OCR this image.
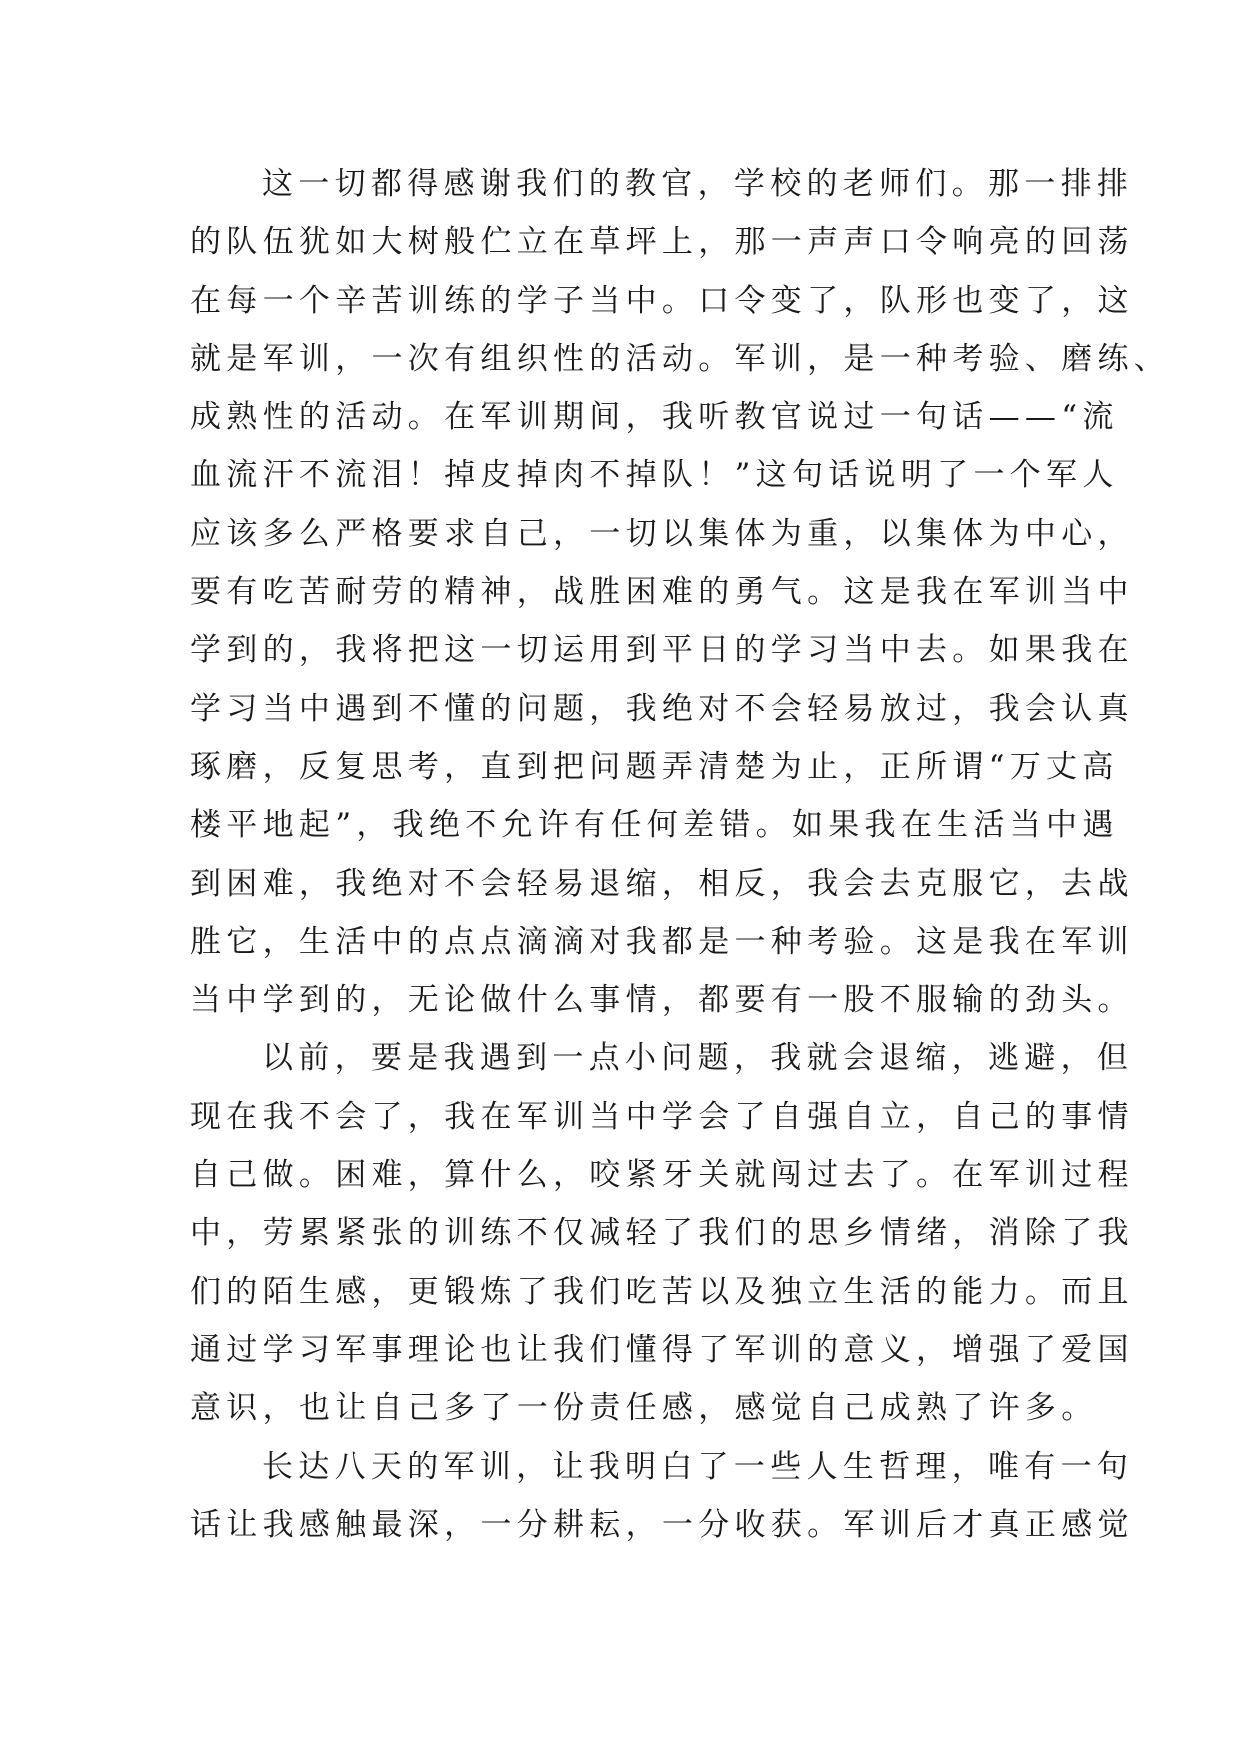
这一切都得感谢我们的教官，学校的老师们。那一排排
的队伍犹如大树般伫立在草坪上，那一声声口令响亮的回荡
在每一个辛苦训练的学子当中。口令变了，队形也变了，这
就是军训，一次有组织性的活动。军训，是一种考验、磨练、
成熟性的活动。在军训期间，我听教官说过一句话——“流
血流汗不流泪！掉皮掉肉不掉队！”这句话说明了一个军人
应该多么严格要求自己，一切以集体为重，以集体为中心，
要有吃苦耐劳的精神，战胜困难的勇气。这是我在军训当中
学到的，我将把这一切运用到平日的学习当中去。如果我在
学习当中遇到不懂的问题，我绝对不会轻易放过，我会认真
琢磨，反复思考，直到把问题弄清楚为止，正所谓“万丈高
楼平地起”，我绝不允许有任何差错。如果我在生活当中遇
到困难，我绝对不会轻易退缩，相反，我会去克服它，去战
胜它，生活中的点点滴滴对我都是一种考验。这是我在军训
当中学到的，无论做什么事情，都要有一股不服输的劲头。
以前，要是我遇到一点小问题，我就会退缩，逃避，但
现在我不会了，我在军训当中学会了自强自立，自己的事情
自己做。困难，算什么，咬紧牙关就闯过去了。在军训过程
中，劳累紧张的训练不仅减轻了我们的思乡情绪，消除了我
们的陌生感，更锻炼了我们吃苦以及独立生活的能力。而且
通过学习军事理论也让我们懂得了军训的意义，增强了爱国
意识，也让自己多了一份责任感，感觉自己成熟了许多。
长达八天的军训，让我明白了一些人生哲理，唯有一句
话让我感触最深，一分耕耘，一分收获。军训后才真正感觉
